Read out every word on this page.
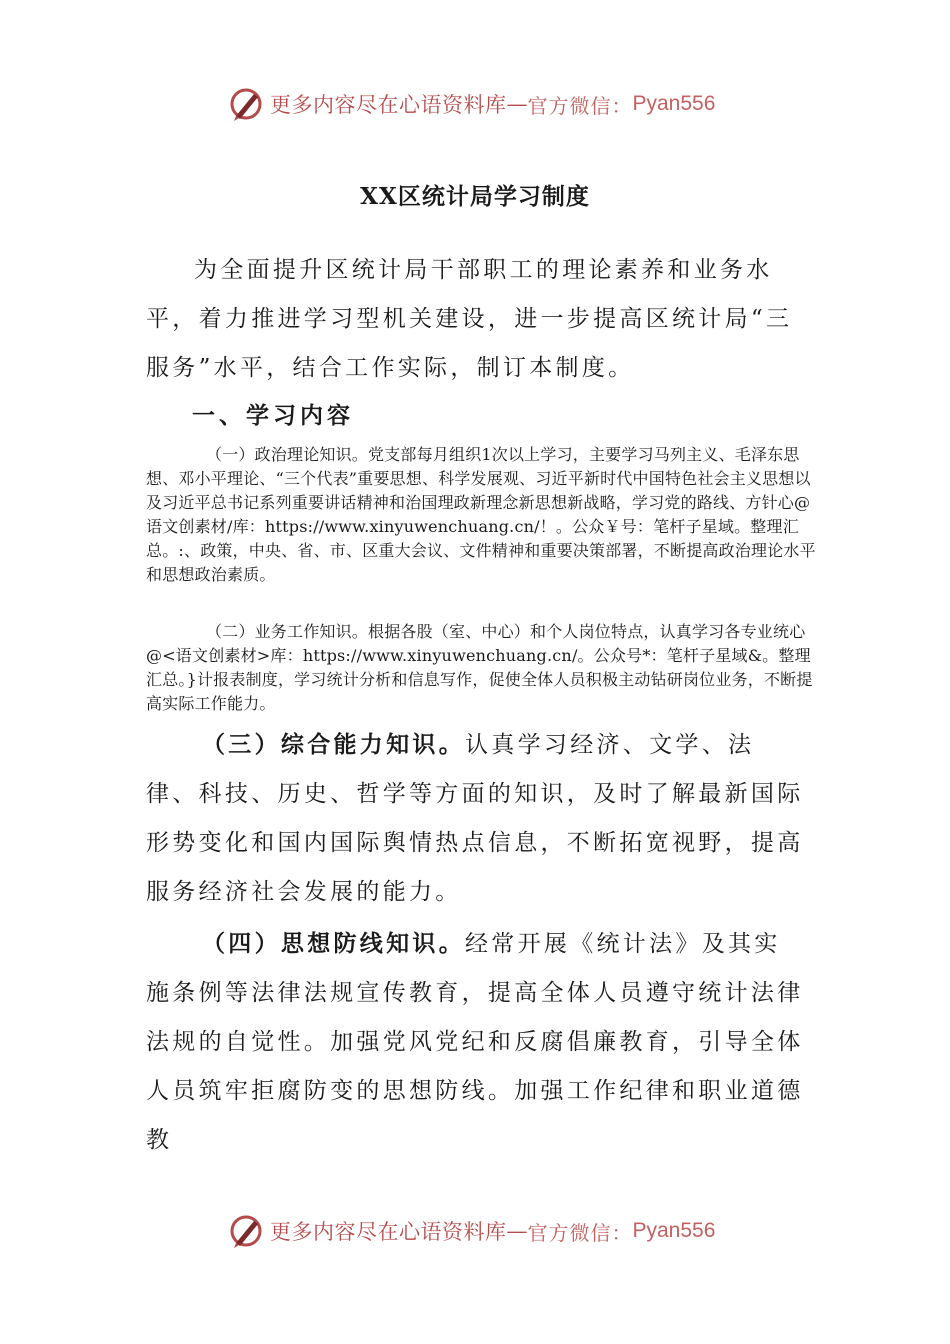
更多内容尽在心语资料库 — 官方微信： Pyan556
XX区统计局学习制度
为全面提升区统计局干部职工的理论素养和业务水平，着力推进学习型机关建设，进一步提高区统计局“三服务”水平，结合工作实际，制订本制度。
一、学习内容
（一）政治理论知识。党支部每月组织1次以上学习，主要学习马列主义、毛泽东思想、邓小平理论、“三个代表”重要思想、科学发展观、习近平新时代中国特色社会主义思想以及习近平总书记系列重要讲话精神和治国理政新理念新思想新战略，学习党的路线、方针心@语文创素材/库：https://www.xinyuwenchuang.cn/！。公众￥号：笔杆子星域。整理汇总。:、政策，中央、省、市、区重大会议、文件精神和重要决策部署，不断提高政治理论水平和思想政治素质。
（二）业务工作知识。根据各股（室、中心）和个人岗位特点，认真学习各专业统心@<语文创素材>库：https://www.xinyuwenchuang.cn/。公众号*：笔杆子星域&。整理汇总。}计报表制度，学习统计分析和信息写作，促使全体人员积极主动钻研岗位业务，不断提高实际工作能力。
（三）综合能力知识。认真学习经济、文学、法律、科技、历史、哲学等方面的知识，及时了解最新国际形势变化和国内国际舆情热点信息，不断拓宽视野，提高服务经济社会发展的能力。
（四）思想防线知识。经常开展《统计法》及其实施条例等法律法规宣传教育，提高全体人员遵守统计法律法规的自觉性。加强党风党纪和反腐倡廉教育，引导全体人员筑牢拒腐防变的思想防线。加强工作纪律和职业道德教
更多内容尽在心语资料库 — 官方微信： Pyan556
